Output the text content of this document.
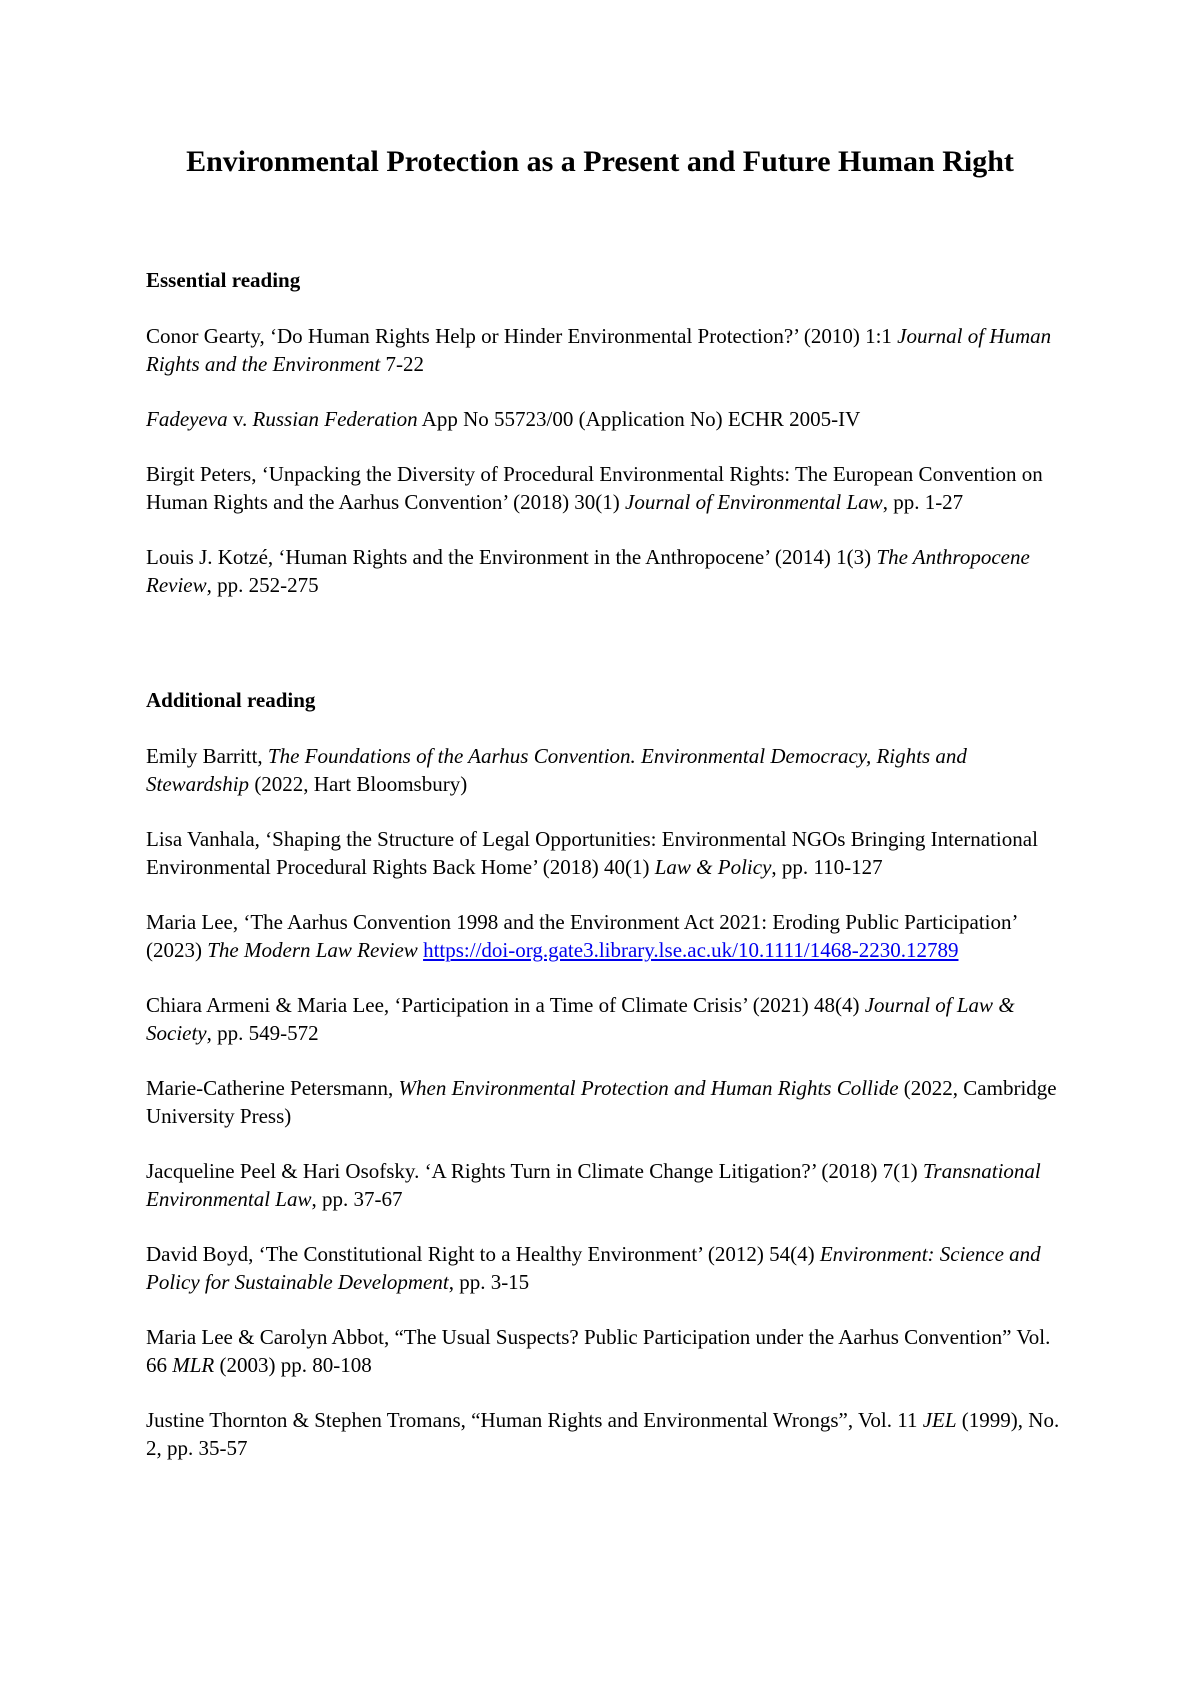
Environmental Protection as a Present and Future Human Right
Essential reading
Conor Gearty, ‘Do Human Rights Help or Hinder Environmental Protection?’ (2010) 1:1 Journal of Human Rights and the Environment 7-22
Fadeyeva v. Russian Federation App No 55723/00 (Application No) ECHR 2005-IV
Birgit Peters, ‘Unpacking the Diversity of Procedural Environmental Rights: The European Convention on Human Rights and the Aarhus Convention’ (2018) 30(1) Journal of Environmental Law, pp. 1-27
Louis J. Kotzé, ‘Human Rights and the Environment in the Anthropocene’ (2014) 1(3) The Anthropocene Review, pp. 252-275
Additional reading
Emily Barritt, The Foundations of the Aarhus Convention. Environmental Democracy, Rights and Stewardship (2022, Hart Bloomsbury)
Lisa Vanhala, ‘Shaping the Structure of Legal Opportunities: Environmental NGOs Bringing International Environmental Procedural Rights Back Home’ (2018) 40(1) Law & Policy, pp. 110-127
Maria Lee, ‘The Aarhus Convention 1998 and the Environment Act 2021: Eroding Public Participation’ (2023) The Modern Law Review https://doi-org.gate3.library.lse.ac.uk/10.1111/1468-2230.12789
Chiara Armeni & Maria Lee, ‘Participation in a Time of Climate Crisis’ (2021) 48(4) Journal of Law & Society, pp. 549-572
Marie-Catherine Petersmann, When Environmental Protection and Human Rights Collide (2022, Cambridge University Press)
Jacqueline Peel & Hari Osofsky. ‘A Rights Turn in Climate Change Litigation?’ (2018) 7(1) Transnational Environmental Law, pp. 37-67
David Boyd, ‘The Constitutional Right to a Healthy Environment’ (2012) 54(4) Environment: Science and Policy for Sustainable Development, pp. 3-15
Maria Lee & Carolyn Abbot, “The Usual Suspects? Public Participation under the Aarhus Convention” Vol. 66 MLR (2003) pp. 80-108
Justine Thornton & Stephen Tromans, “Human Rights and Environmental Wrongs”, Vol. 11 JEL (1999), No. 2, pp. 35-57
